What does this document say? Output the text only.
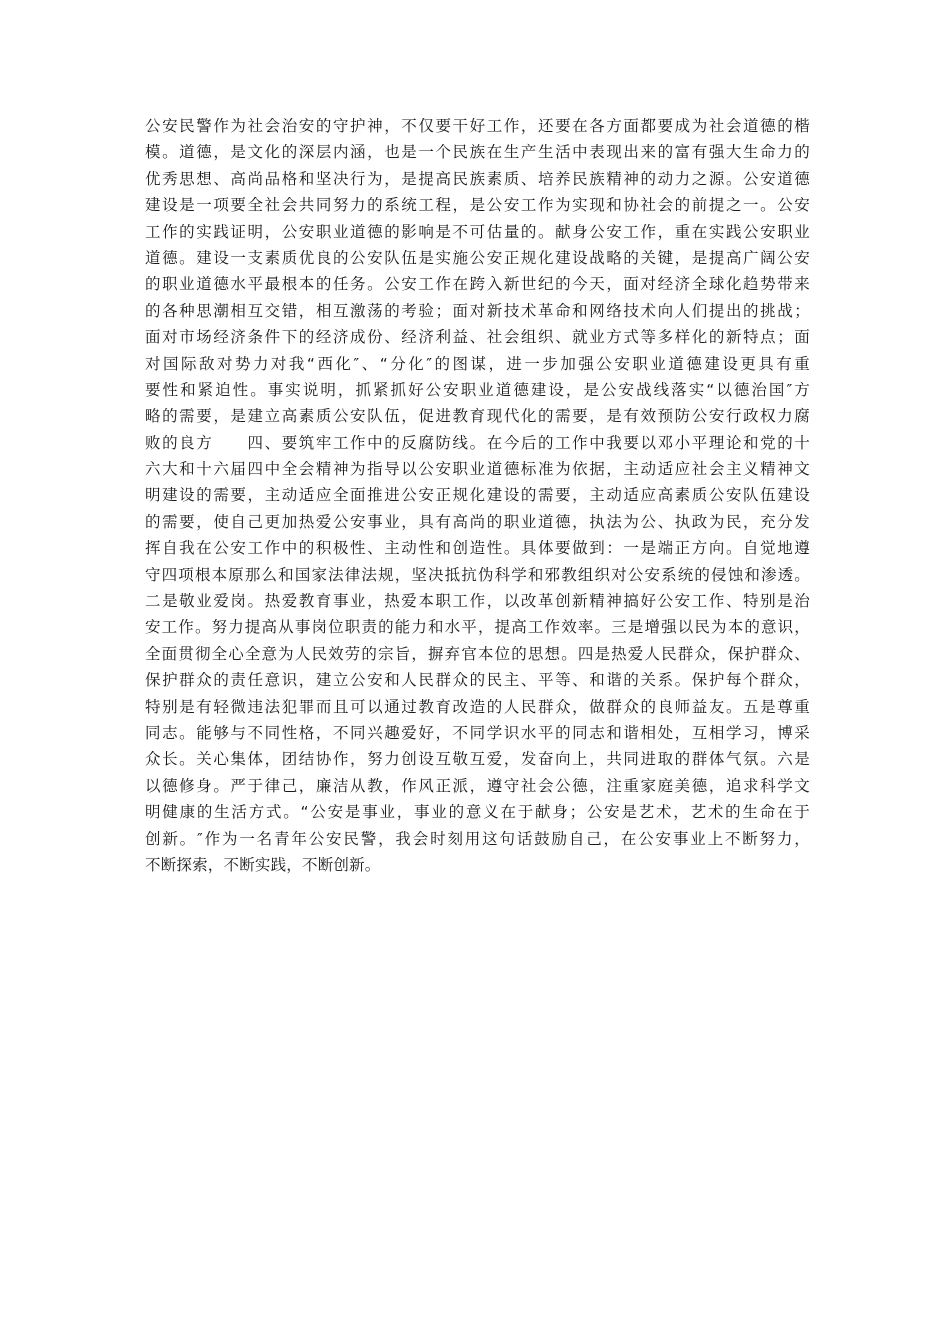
公安民警作为社会治安的守护神，不仅要干好工作，还要在各方面都要成为社会道德的楷
模。道德，是文化的深层内涵，也是一个民族在生产生活中表现出来的富有强大生命力的
优秀思想、高尚品格和坚决行为，是提高民族素质、培养民族精神的动力之源。公安道德
建设是一项要全社会共同努力的系统工程，是公安工作为实现和协社会的前提之一。公安
工作的实践证明，公安职业道德的影响是不可估量的。献身公安工作，重在实践公安职业
道德。建设一支素质优良的公安队伍是实施公安正规化建设战略的关键，是提高广阔公安
的职业道德水平最根本的任务。公安工作在跨入新世纪的今天，面对经济全球化趋势带来
的各种思潮相互交错，相互激荡的考验；面对新技术革命和网络技术向人们提出的挑战；
面对市场经济条件下的经济成份、经济利益、社会组织、就业方式等多样化的新特点；面
对国际敌对势力对我“西化″、“分化″的图谋，进一步加强公安职业道德建设更具有重
要性和紧迫性。事实说明，抓紧抓好公安职业道德建设，是公安战线落实“以德治国″方
略的需要，是建立高素质公安队伍，促进教育现代化的需要，是有效预防公安行政权力腐
败的良方　　四、要筑牢工作中的反腐防线。在今后的工作中我要以邓小平理论和党的十
六大和十六届四中全会精神为指导以公安职业道德标准为依据，主动适应社会主义精神文
明建设的需要，主动适应全面推进公安正规化建设的需要，主动适应高素质公安队伍建设
的需要，使自己更加热爱公安事业，具有高尚的职业道德，执法为公、执政为民，充分发
挥自我在公安工作中的积极性、主动性和创造性。具体要做到：一是端正方向。自觉地遵
守四项根本原那么和国家法律法规，坚决抵抗伪科学和邪教组织对公安系统的侵蚀和渗透。
二是敬业爱岗。热爱教育事业，热爱本职工作，以改革创新精神搞好公安工作、特别是治
安工作。努力提高从事岗位职责的能力和水平，提高工作效率。三是增强以民为本的意识，
全面贯彻全心全意为人民效劳的宗旨，摒弃官本位的思想。四是热爱人民群众，保护群众、
保护群众的责任意识，建立公安和人民群众的民主、平等、和谐的关系。保护每个群众，
特别是有轻微违法犯罪而且可以通过教育改造的人民群众，做群众的良师益友。五是尊重
同志。能够与不同性格，不同兴趣爱好，不同学识水平的同志和谐相处，互相学习，博采
众长。关心集体，团结协作，努力创设互敬互爱，发奋向上，共同进取的群体气氛。六是
以德修身。严于律己，廉洁从教，作风正派，遵守社会公德，注重家庭美德，追求科学文
明健康的生活方式。“公安是事业，事业的意义在于献身；公安是艺术，艺术的生命在于
创新。″作为一名青年公安民警，我会时刻用这句话鼓励自己，在公安事业上不断努力，
不断探索，不断实践，不断创新。
